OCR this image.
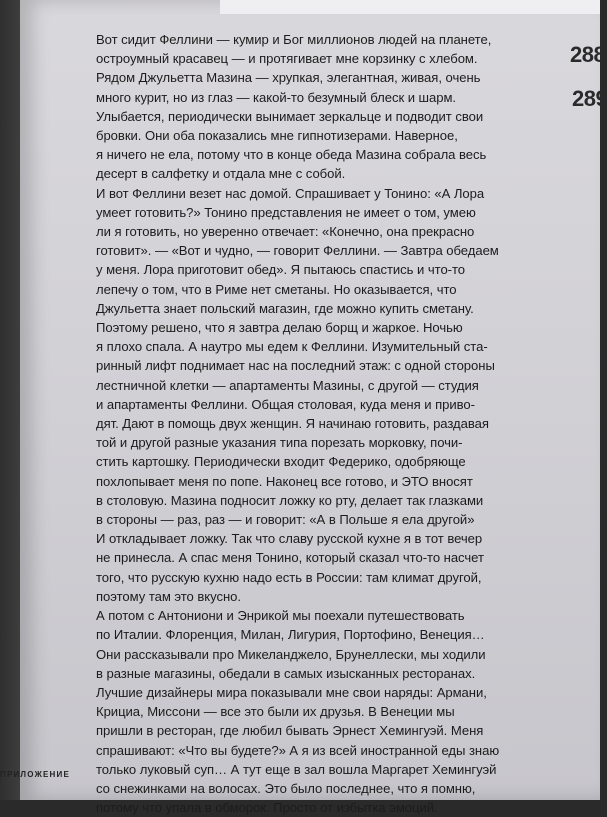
288
289
Вот сидит Феллини — кумир и Бог миллионов людей на планете,
остроумный красавец — и протягивает мне корзинку с хлебом.
Рядом Джульетта Мазина — хрупкая, элегантная, живая, очень
много курит, но из глаз — какой-то безумный блеск и шарм.
Улыбается, периодически вынимает зеркальце и подводит свои
бровки. Они оба показались мне гипнотизерами. Наверное,
я ничего не ела, потому что в конце обеда Мазина собрала весь
десерт в салфетку и отдала мне с собой.
И вот Феллини везет нас домой. Спрашивает у Тонино: «А Лора
умеет готовить?» Тонино представления не имеет о том, умею
ли я готовить, но уверенно отвечает: «Конечно, она прекрасно
готовит». — «Вот и чудно, — говорит Феллини. — Завтра обедаем
у меня. Лора приготовит обед». Я пытаюсь спастись и что-то
лепечу о том, что в Риме нет сметаны. Но оказывается, что
Джульетта знает польский магазин, где можно купить сметану.
Поэтому решено, что я завтра делаю борщ и жаркое. Ночью
я плохо спала. А наутро мы едем к Феллини. Изумительный ста-
ринный лифт поднимает нас на последний этаж: с одной стороны
лестничной клетки — апартаменты Мазины, с другой — студия
и апартаменты Феллини. Общая столовая, куда меня и приво-
дят. Дают в помощь двух женщин. Я начинаю готовить, раздавая
той и другой разные указания типа порезать морковку, почи-
стить картошку. Периодически входит Федерико, одобряюще
похлопывает меня по попе. Наконец все готово, и ЭТО вносят
в столовую. Мазина подносит ложку ко рту, делает так глазками
в стороны — раз, раз — и говорит: «А в Польше я ела другой»
И откладывает ложку. Так что славу русской кухне я в тот вечер
не принесла. А спас меня Тонино, который сказал что-то насчет
того, что русскую кухню надо есть в России: там климат другой,
поэтому там это вкусно.
А потом с Антониони и Энрикой мы поехали путешествовать
по Италии. Флоренция, Милан, Лигурия, Портофино, Венеция…
Они рассказывали про Микеланджело, Брунеллески, мы ходили
в разные магазины, обедали в самых изысканных ресторанах.
Лучшие дизайнеры мира показывали мне свои наряды: Армани,
Крициа, Миссони — все это были их друзья. В Венеции мы
пришли в ресторан, где любил бывать Эрнест Хемингуэй. Меня
спрашивают: «Что вы будете?» А я из всей иностранной еды знаю
только луковый суп… А тут еще в зал вошла Маргарет Хемингуэй
со снежинками на волосах. Это было последнее, что я помню,
потому что упала в обморок. Просто от избытка эмоций.
ПРИЛОЖЕНИЕ
